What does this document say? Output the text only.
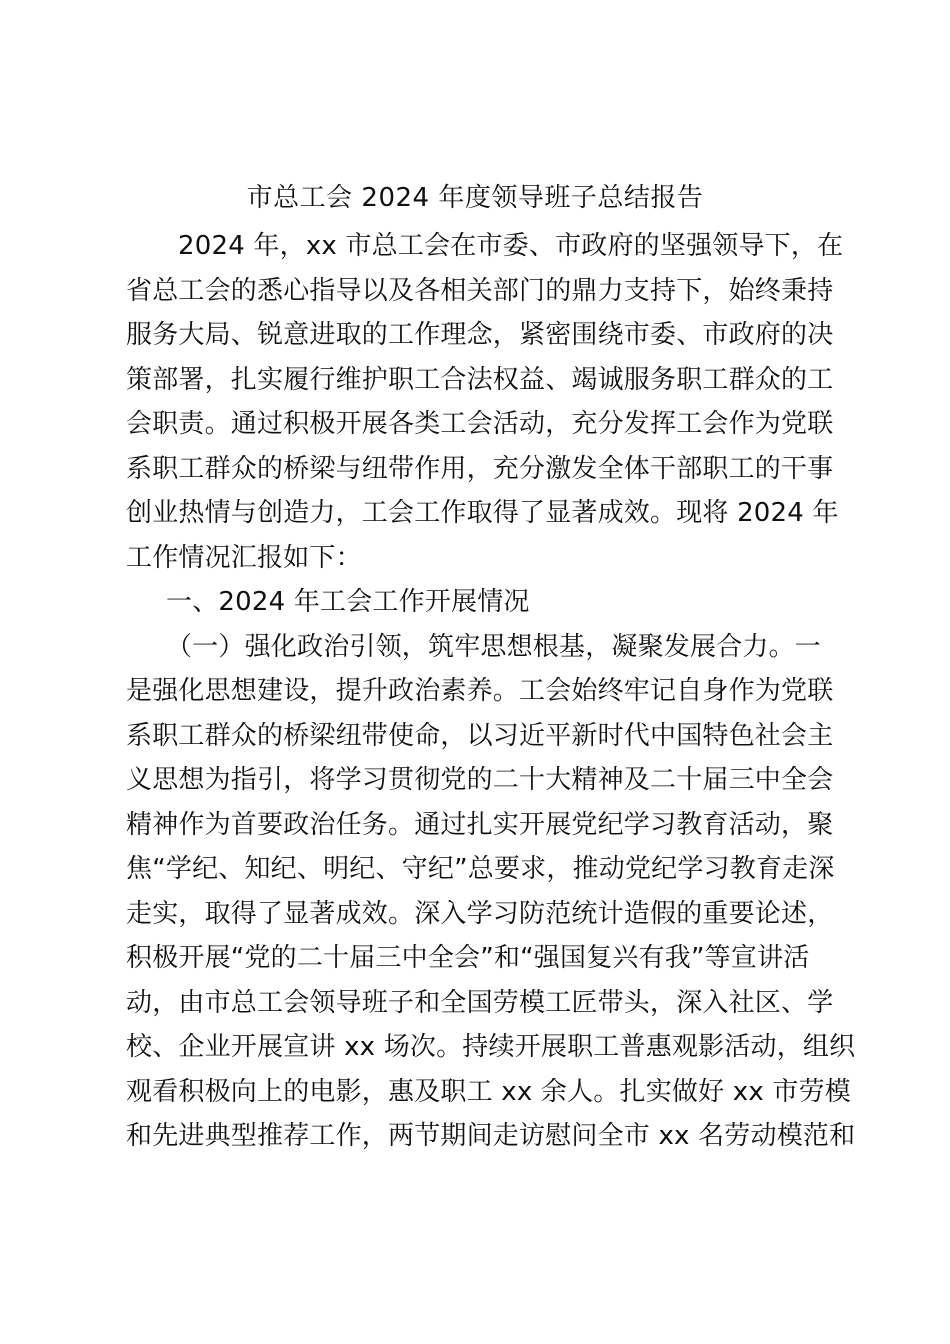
市总工会 2024 年度领导班子总结报告
2024 年，xx 市总工会在市委、市政府的坚强领导下，在
省总工会的悉心指导以及各相关部门的鼎力支持下，始终秉持
服务大局、锐意进取的工作理念，紧密围绕市委、市政府的决
策部署，扎实履行维护职工合法权益、竭诚服务职工群众的工
会职责。通过积极开展各类工会活动，充分发挥工会作为党联
系职工群众的桥梁与纽带作用，充分激发全体干部职工的干事
创业热情与创造力，工会工作取得了显著成效。现将 2024 年
工作情况汇报如下：
一、2024 年工会工作开展情况
（一）强化政治引领，筑牢思想根基，凝聚发展合力。一
是强化思想建设，提升政治素养。工会始终牢记自身作为党联
系职工群众的桥梁纽带使命，以习近平新时代中国特色社会主
义思想为指引，将学习贯彻党的二十大精神及二十届三中全会
精神作为首要政治任务。通过扎实开展党纪学习教育活动，聚
焦“学纪、知纪、明纪、守纪”总要求，推动党纪学习教育走深
走实，取得了显著成效。深入学习防范统计造假的重要论述，
积极开展“党的二十届三中全会”和“强国复兴有我”等宣讲活
动，由市总工会领导班子和全国劳模工匠带头，深入社区、学
校、企业开展宣讲 xx 场次。持续开展职工普惠观影活动，组织
观看积极向上的电影，惠及职工 xx 余人。扎实做好 xx 市劳模
和先进典型推荐工作，两节期间走访慰问全市 xx 名劳动模范和
